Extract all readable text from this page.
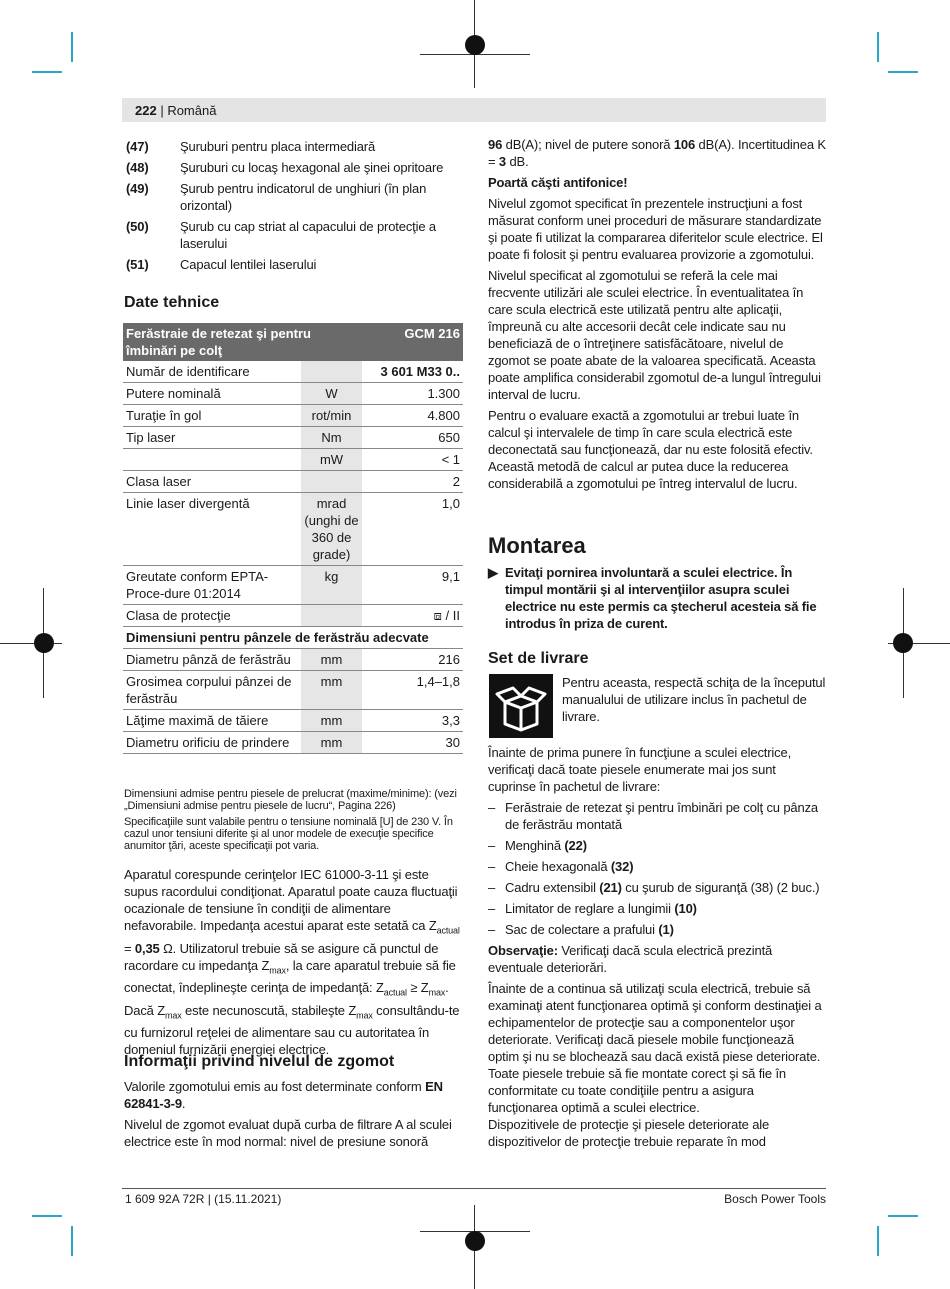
222 | Română
(47) Şuruburi pentru placa intermediară
(48) Şuruburi cu locaş hexagonal ale şinei opritoare
(49) Şurub pentru indicatorul de unghiuri (în plan orizontal)
(50) Şurub cu cap striat al capacului de protecţie a laserului
(51) Capacul lentilei laserului
Date tehnice
Ferăstraie de retezat şi pentru îmbinări pe colţ		GCM 216
Număr de identificare		3 601 M33 0..
Putere nominală	W	1.300
Turaţie în gol	rot/min	4.800
Tip laser	Nm	650
	mW	< 1
Clasa laser		2
Linie laser divergentă	mrad (unghi de 360 de grade)	1,0
Greutate conform EPTA-Proce-dure 01:2014	kg	9,1
Clasa de protecţie		⧈ / II
Dimensiuni pentru pânzele de ferăstrău adecvate		
Diametru pânză de ferăstrău	mm	216
Grosimea corpului pânzei de ferăstrău	mm	1,4–1,8
Lăţime maximă de tăiere	mm	3,3
Diametru orificiu de prindere	mm	30

Dimensiuni admise pentru piesele de prelucrat (maxime/minime): (vezi „Dimensiuni admise pentru piesele de lucru“, Pagina 226)

Specificaţiile sunt valabile pentru o tensiune nominală [U] de 230 V. În cazul unor tensiuni diferite şi al unor modele de execuţie specifice anumitor ţări, aceste specificaţii pot varia.

Aparatul corespunde cerinţelor IEC 61000-3-11 şi este supus racordului condiţionat. Aparatul poate cauza fluctuaţii ocazionale de tensiune în condiţii de alimentare nefavorabile. Impedanţa acestui aparat este setată ca $Z_{actual} = 0,35$ Ω. Utilizatorul trebuie să se asigure că punctul de racordare cu impedanţa $Z_{max}$, la care aparatul trebuie să fie conectat, îndeplineşte cerinţa de impedanţă: $Z_{actual} \ge Z_{max}$. Dacă $Z_{max}$ este necunoscută, stabileşte $Z_{max}$ consultându-te cu furnizorul reţelei de alimentare sau cu autoritatea în domeniul furnizării energiei electrice.

Informaţii privind nivelul de zgomot

Valorile zgomotului emis au fost determinate conform EN 62841-3-9.

Nivelul de zgomot evaluat după curba de filtrare A al sculei electrice este în mod normal: nivel de presiune sonoră

96 dB(A); nivel de putere sonoră 106 dB(A). Incertitudinea K = 3 dB.

Poartă căşti antifonice!

Nivelul zgomot specificat în prezentele instrucţiuni a fost măsurat conform unei proceduri de măsurare standardizate şi poate fi utilizat la compararea diferitelor scule electrice. El poate fi folosit şi pentru evaluarea provizorie a zgomotului.

Nivelul specificat al zgomotului se referă la cele mai frecvente utilizări ale sculei electrice. În eventualitatea în care scula electrică este utilizată pentru alte aplicaţii, împreună cu alte accesorii decât cele indicate sau nu beneficiază de o întreţinere satisfăcătoare, nivelul de zgomot se poate abate de la valoarea specificată. Aceasta poate amplifica considerabil zgomotul de-a lungul întregului interval de lucru.

Pentru o evaluare exactă a zgomotului ar trebui luate în calcul şi intervalele de timp în care scula electrică este deconectată sau funcţionează, dar nu este folosită efectiv. Această metodă de calcul ar putea duce la reducerea considerabilă a zgomotului pe întreg intervalul de lucru.

Montarea

▶ Evitaţi pornirea involuntară a sculei electrice. În timpul montării şi al intervenţiilor asupra sculei electrice nu este permis ca ştecherul acesteia să fie introdus în priza de curent.

Set de livrare

Pentru aceasta, respectă schiţa de la începutul manualului de utilizare inclus în pachetul de livrare.

Înainte de prima punere în funcţiune a sculei electrice, verificaţi dacă toate piesele enumerate mai jos sunt cuprinse în pachetul de livrare:

– Ferăstraie de retezat şi pentru îmbinări pe colţ cu pânza de ferăstrău montată
– Menghină (22)
– Cheie hexagonală (32)
– Cadru extensibil (21) cu şurub de siguranţă (38) (2 buc.)
– Limitator de reglare a lungimii (10)
– Sac de colectare a prafului (1)

Observaţie: Verificaţi dacă scula electrică prezintă eventuale deteriorări.

Înainte de a continua să utilizaţi scula electrică, trebuie să examinaţi atent funcţionarea optimă şi conform destinaţiei a echipamentelor de protecţie sau a componentelor uşor deteriorate. Verificaţi dacă piesele mobile funcţionează optim şi nu se blochează sau dacă există piese deteriorate. Toate piesele trebuie să fie montate corect şi să fie în conformitate cu toate condiţiile pentru a asigura funcţionarea optimă a sculei electrice.

Dispozitivele de protecţie şi piesele deteriorate ale dispozitivelor de protecţie trebuie reparate în mod

1 609 92A 72R | (15.11.2021)	Bosch Power Tools
